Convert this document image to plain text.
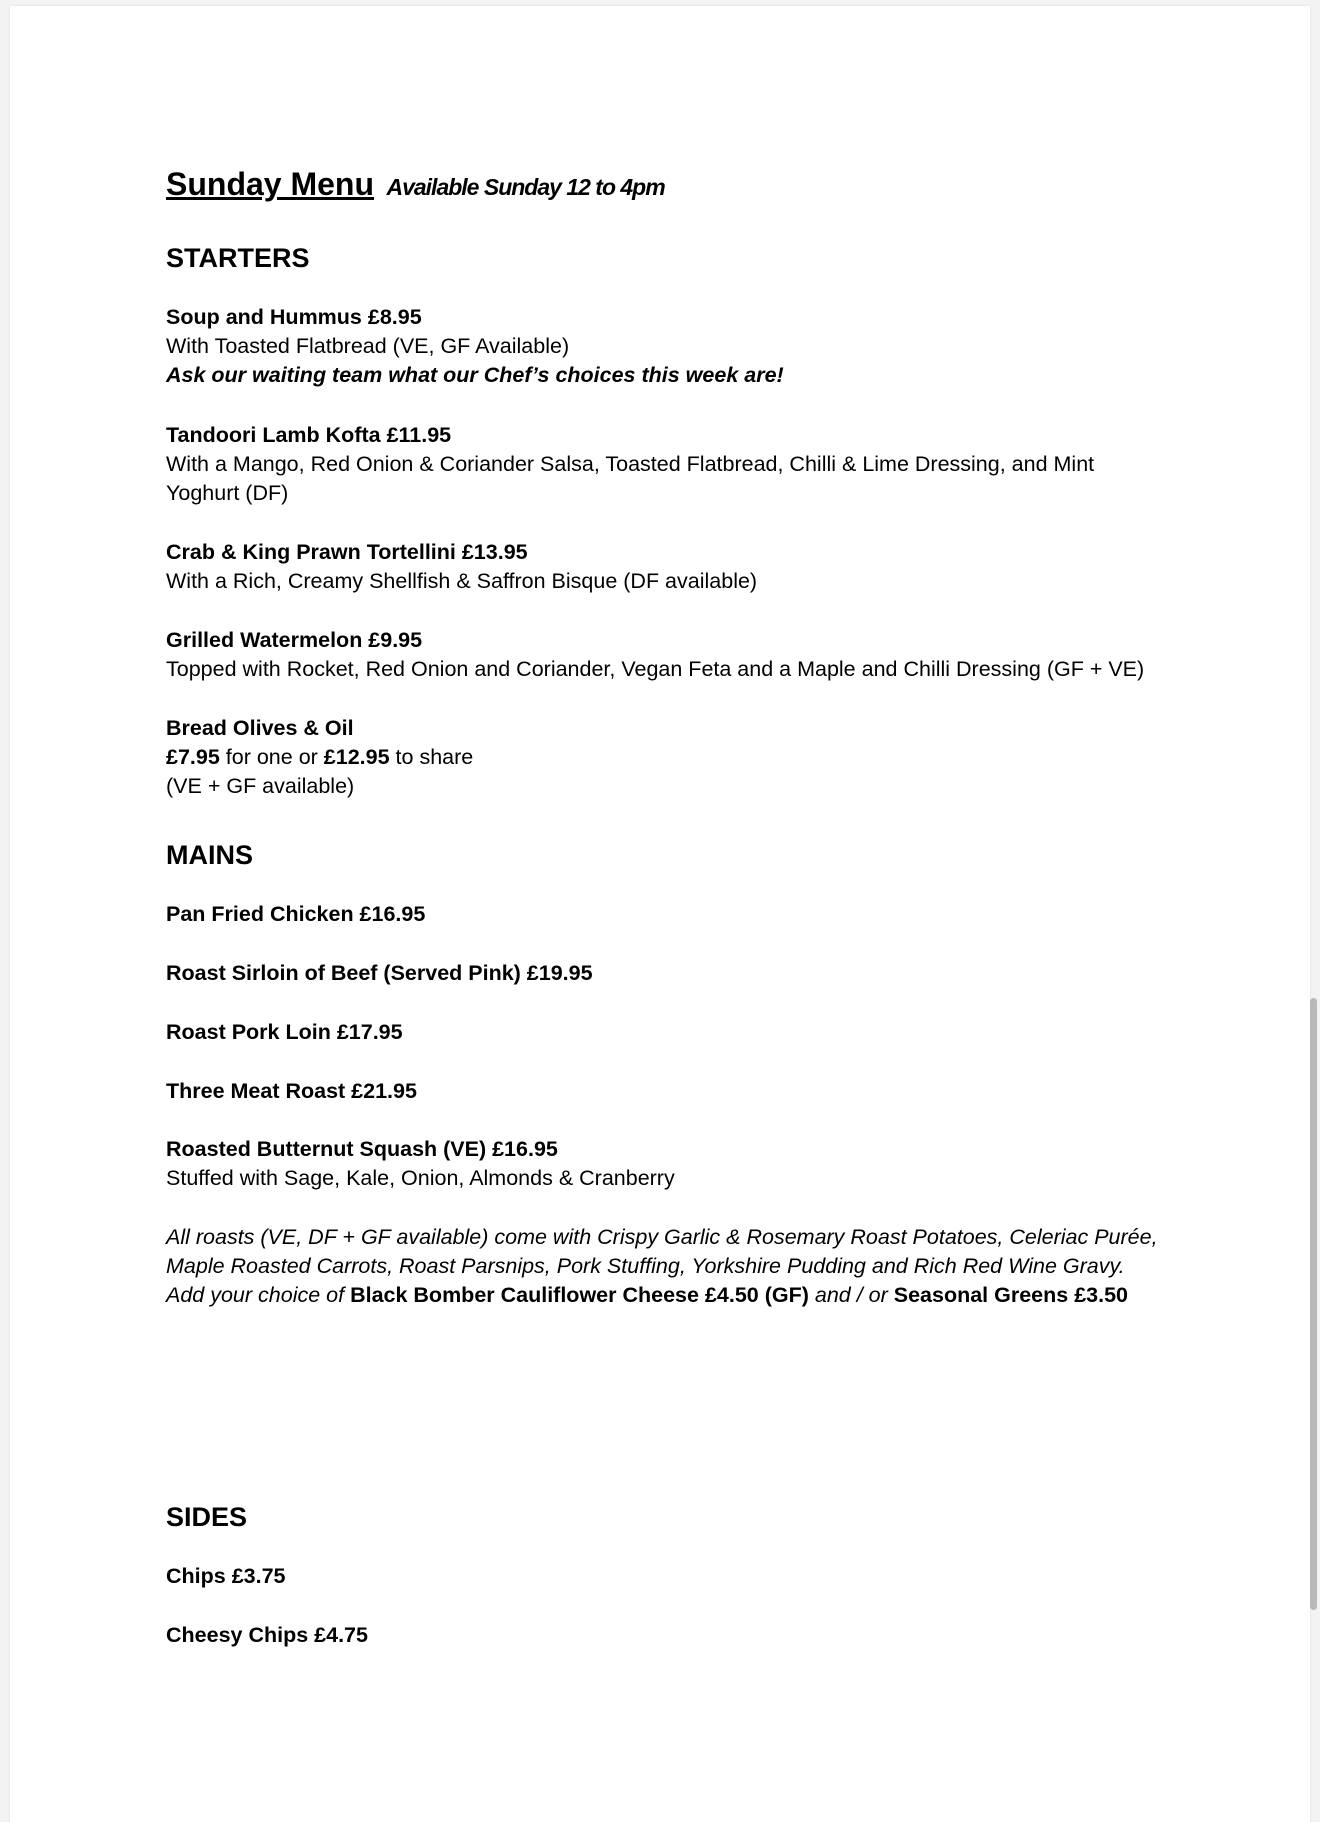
Sunday Menu Available Sunday 12 to 4pm
STARTERS
Soup and Hummus £8.95
With Toasted Flatbread (VE, GF Available)
Ask our waiting team what our Chef’s choices this week are!
Tandoori Lamb Kofta £11.95
With a Mango, Red Onion & Coriander Salsa, Toasted Flatbread, Chilli & Lime Dressing, and Mint
Yoghurt (DF)
Crab & King Prawn Tortellini £13.95
With a Rich, Creamy Shellfish & Saffron Bisque (DF available)
Grilled Watermelon £9.95
Topped with Rocket, Red Onion and Coriander, Vegan Feta and a Maple and Chilli Dressing (GF + VE)
Bread Olives & Oil
£7.95 for one or £12.95 to share
(VE + GF available)
MAINS
Pan Fried Chicken £16.95
Roast Sirloin of Beef (Served Pink) £19.95
Roast Pork Loin £17.95
Three Meat Roast £21.95
Roasted Butternut Squash (VE) £16.95
Stuffed with Sage, Kale, Onion, Almonds & Cranberry
All roasts (VE, DF + GF available) come with Crispy Garlic & Rosemary Roast Potatoes, Celeriac Purée,
Maple Roasted Carrots, Roast Parsnips, Pork Stuffing, Yorkshire Pudding and Rich Red Wine Gravy.
Add your choice of Black Bomber Cauliflower Cheese £4.50 (GF) and / or Seasonal Greens £3.50
SIDES
Chips £3.75
Cheesy Chips £4.75
